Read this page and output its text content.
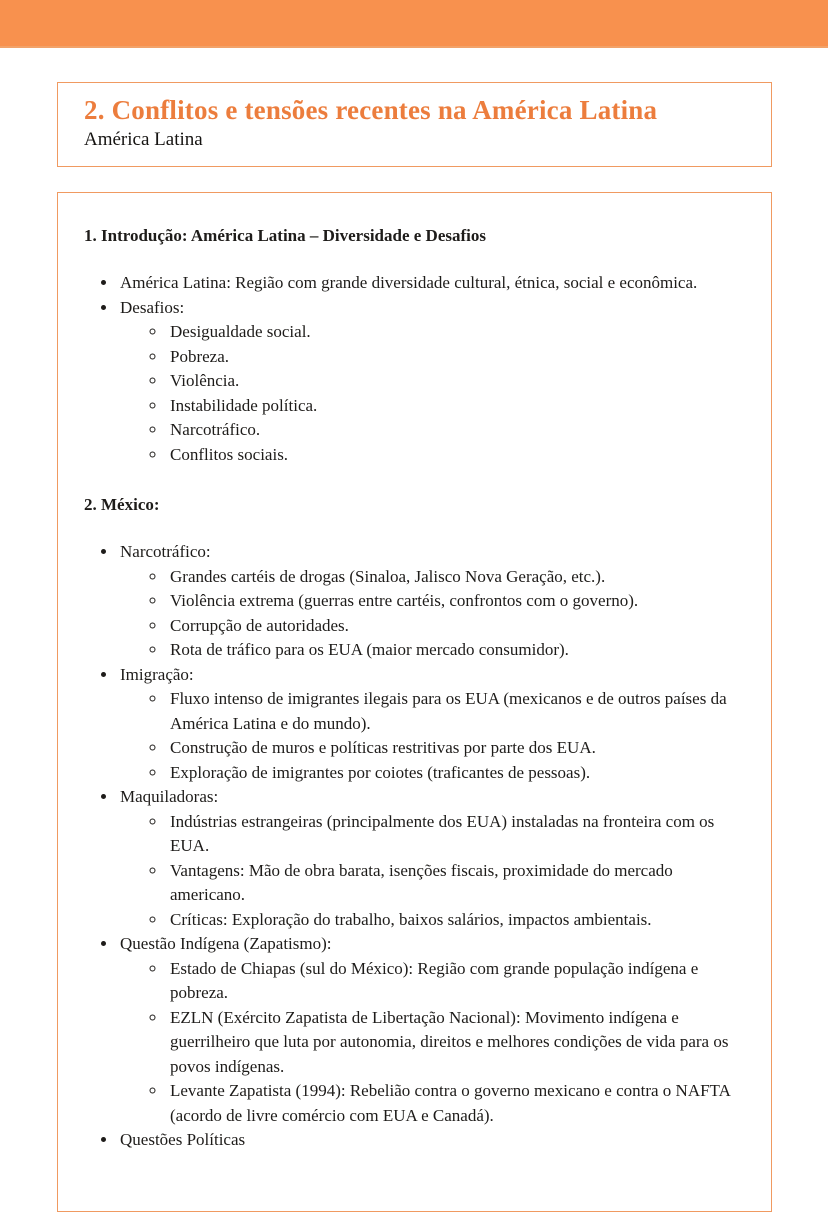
2. Conflitos e tensões recentes na América Latina

América Latina

1. Introdução: América Latina – Diversidade e Desafios
• América Latina: Região com grande diversidade cultural, étnica, social e econômica.
• Desafios:
◦ Desigualdade social.
◦ Pobreza.
◦ Violência.
◦ Instabilidade política.
◦ Narcotráfico.
◦ Conflitos sociais.
2. México:
• Narcotráfico:
◦ Grandes cartéis de drogas (Sinaloa, Jalisco Nova Geração, etc.).
◦ Violência extrema (guerras entre cartéis, confrontos com o governo).
◦ Corrupção de autoridades.
◦ Rota de tráfico para os EUA (maior mercado consumidor).
• Imigração:
◦ Fluxo intenso de imigrantes ilegais para os EUA (mexicanos e de outros países da América Latina e do mundo).
◦ Construção de muros e políticas restritivas por parte dos EUA.
◦ Exploração de imigrantes por coiotes (traficantes de pessoas).
• Maquiladoras:
◦ Indústrias estrangeiras (principalmente dos EUA) instaladas na fronteira com os EUA.
◦ Vantagens: Mão de obra barata, isenções fiscais, proximidade do mercado americano.
◦ Críticas: Exploração do trabalho, baixos salários, impactos ambientais.
• Questão Indígena (Zapatismo):
◦ Estado de Chiapas (sul do México): Região com grande população indígena e pobreza.
◦ EZLN (Exército Zapatista de Libertação Nacional): Movimento indígena e guerrilheiro que luta por autonomia, direitos e melhores condições de vida para os povos indígenas.
◦ Levante Zapatista (1994): Rebelião contra o governo mexicano e contra o NAFTA (acordo de livre comércio com EUA e Canadá).
• Questões Políticas
